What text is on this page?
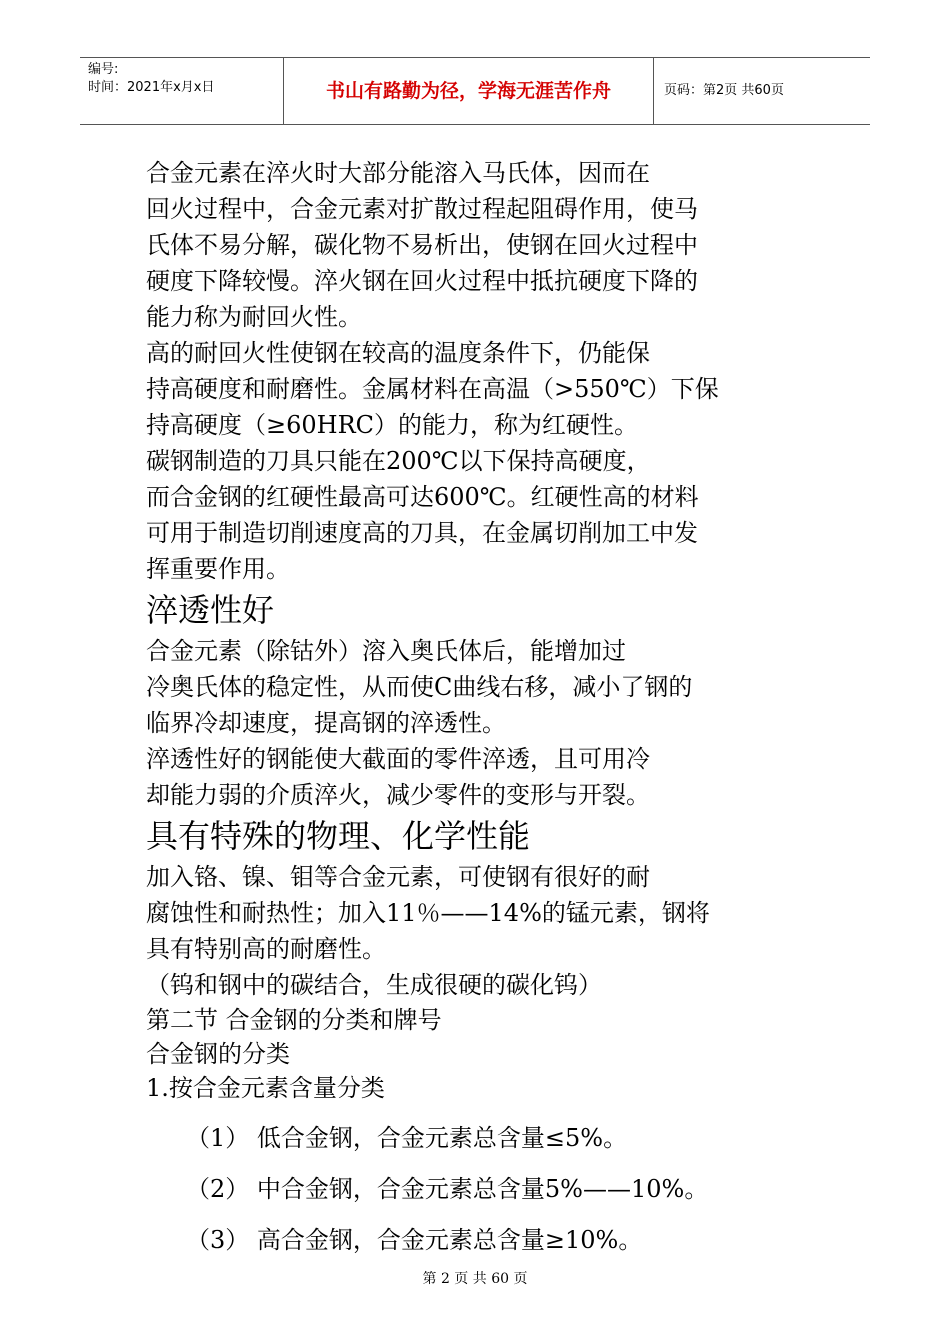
编号:
时间：2021年x月x日	书山有路勤为径，学海无涯苦作舟	页码：第2页 共60页

合金元素在淬火时大部分能溶入马氏体，因而在
回火过程中，合金元素对扩散过程起阻碍作用，使马
氏体不易分解，碳化物不易析出，使钢在回火过程中
硬度下降较慢。淬火钢在回火过程中抵抗硬度下降的
能力称为耐回火性。

高的耐回火性使钢在较高的温度条件下，仍能保
持高硬度和耐磨性。金属材料在高温（>550℃）下保
持高硬度（≥60HRC）的能力，称为红硬性。

碳钢制造的刀具只能在200℃以下保持高硬度，
而合金钢的红硬性最高可达600℃。红硬性高的材料
可用于制造切削速度高的刀具，在金属切削加工中发
挥重要作用。

淬透性好

合金元素（除钴外）溶入奥氏体后，能增加过
冷奥氏体的稳定性，从而使C曲线右移，减小了钢的
临界冷却速度，提高钢的淬透性。

淬透性好的钢能使大截面的零件淬透，且可用冷
却能力弱的介质淬火，减少零件的变形与开裂。

具有特殊的物理、化学性能

加入铬、镍、钼等合金元素，可使钢有很好的耐
腐蚀性和耐热性；加入11％——14%的锰元素，钢将
具有特别高的耐磨性。

（钨和钢中的碳结合，生成很硬的碳化钨）

第二节 合金钢的分类和牌号

合金钢的分类

1.按合金元素含量分类

（1） 低合金钢，合金元素总含量≤5%。

（2） 中合金钢，合金元素总含量5%——10%。

（3） 高合金钢，合金元素总含量≥10%。

第 2 页 共 60 页
